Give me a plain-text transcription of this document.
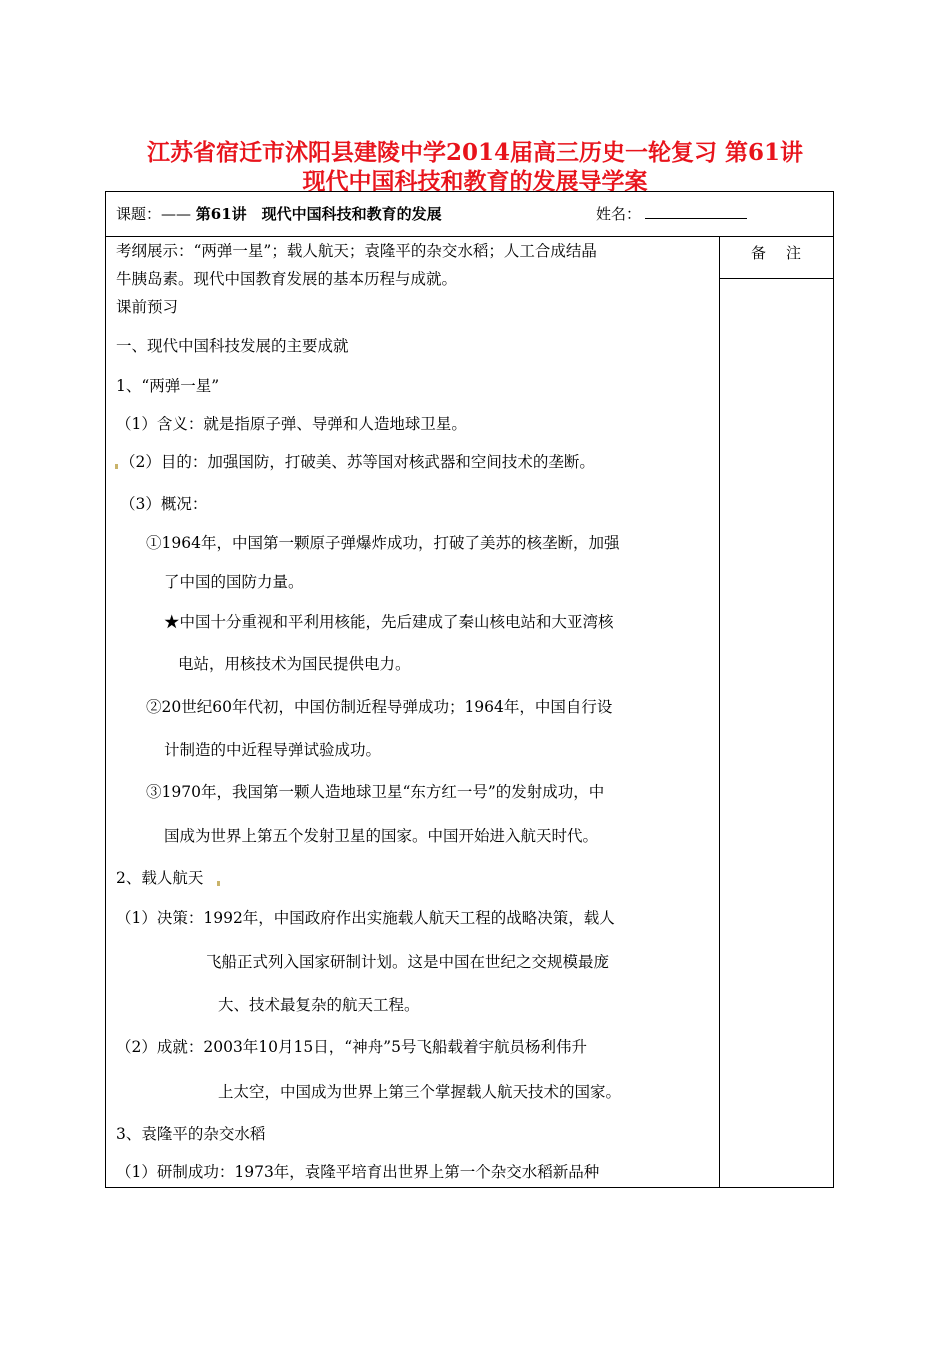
江苏省宿迁市沭阳县建陵中学2014届高三历史一轮复习 第61讲
现代中国科技和教育的发展导学案
课题：—— 第61讲　现代中国科技和教育的发展	姓名：
备注
考纲展示：“两弹一星”；载人航天；袁隆平的杂交水稻；人工合成结晶
牛胰岛素。现代中国教育发展的基本历程与成就。
课前预习
一、现代中国科技发展的主要成就
1、“两弹一星”
（1）含义：就是指原子弹、导弹和人造地球卫星。
（2）目的：加强国防，打破美、苏等国对核武器和空间技术的垄断。
（3）概况：
①1964年，中国第一颗原子弹爆炸成功，打破了美苏的核垄断，加强
了中国的国防力量。
★中国十分重视和平利用核能，先后建成了秦山核电站和大亚湾核
电站，用核技术为国民提供电力。
②20世纪60年代初，中国仿制近程导弹成功；1964年，中国自行设
计制造的中近程导弹试验成功。
③1970年，我国第一颗人造地球卫星“东方红一号”的发射成功，中
国成为世界上第五个发射卫星的国家。中国开始进入航天时代。
2、载人航天
（1）决策：1992年，中国政府作出实施载人航天工程的战略决策，载人
飞船正式列入国家研制计划。这是中国在世纪之交规模最庞
大、技术最复杂的航天工程。
（2）成就：2003年10月15日，“神舟”5号飞船载着宇航员杨利伟升
上太空，中国成为世界上第三个掌握载人航天技术的国家。
3、袁隆平的杂交水稻
（1）研制成功：1973年，袁隆平培育出世界上第一个杂交水稻新品种
